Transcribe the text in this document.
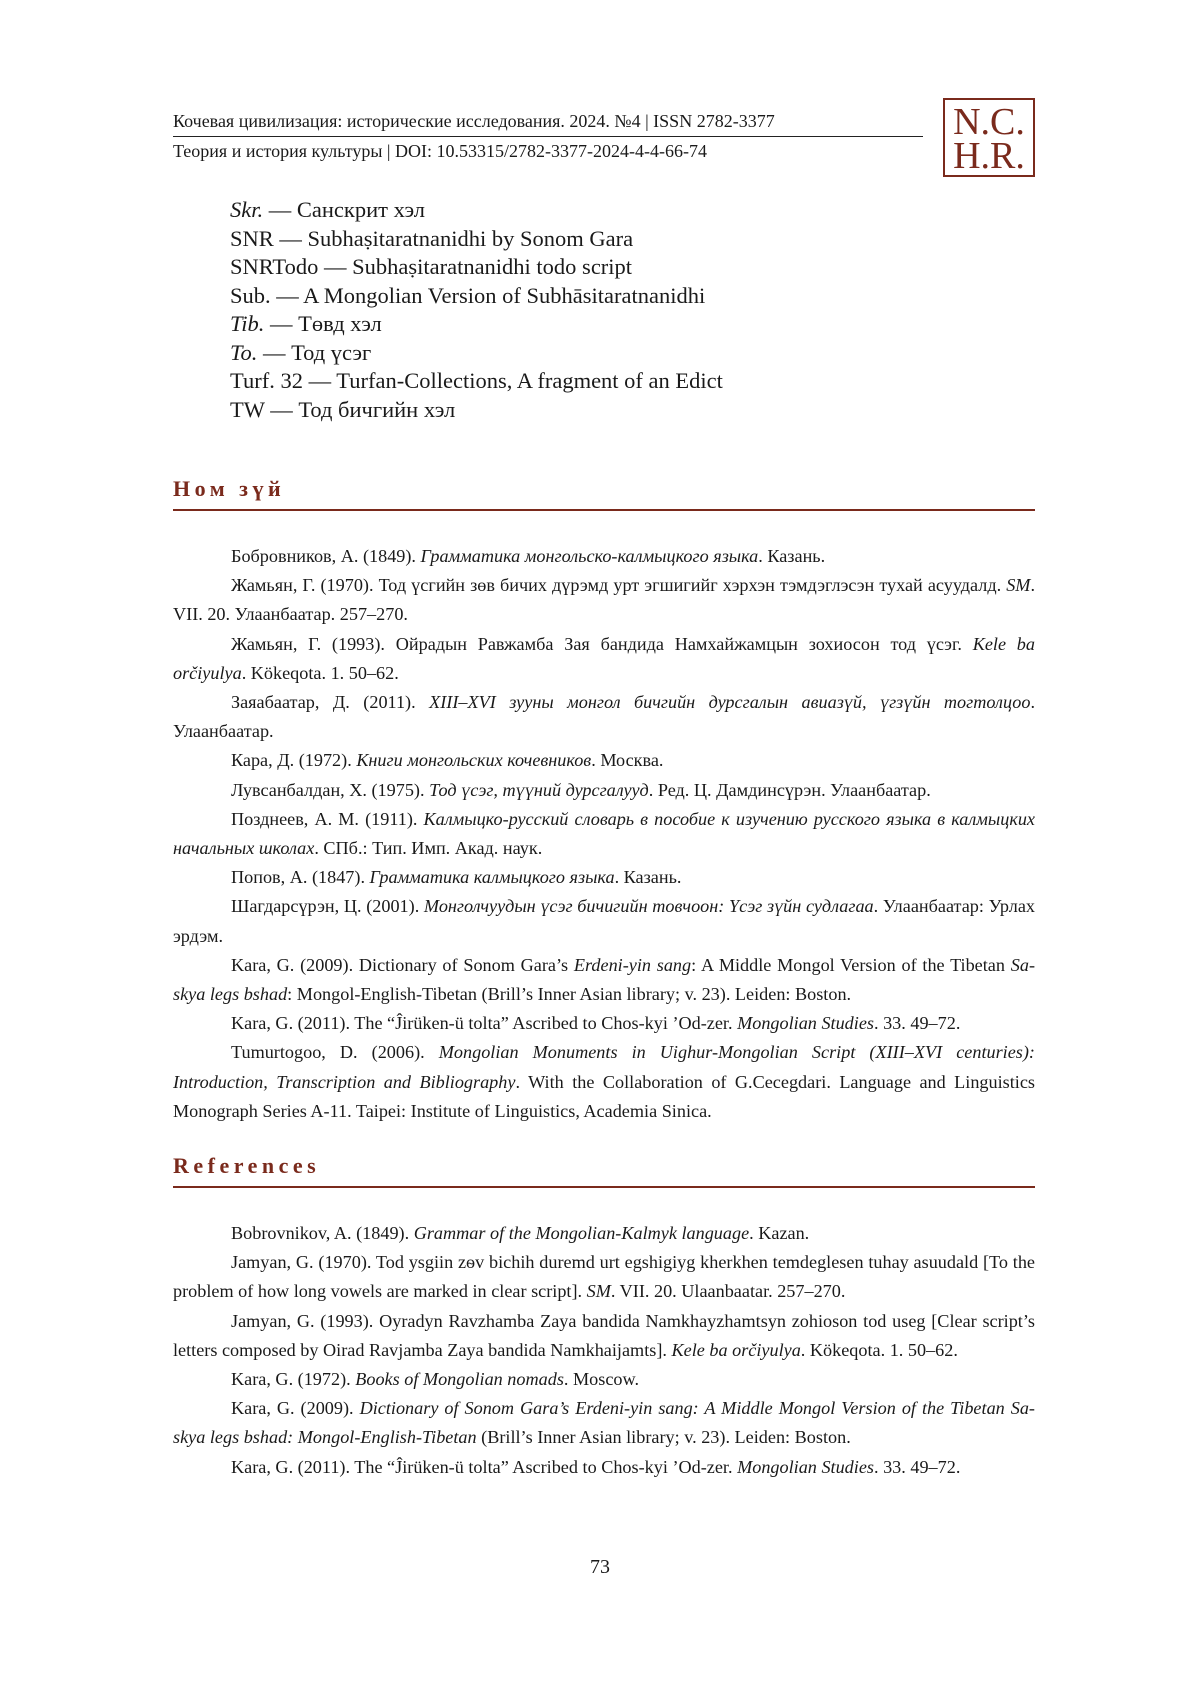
Кочевая цивилизация: исторические исследования. 2024. №4 | ISSN 2782-3377
Теория и история культуры | DOI: 10.53315/2782-3377-2024-4-4-66-74
N.C.
H.R.
Skr. — Санскрит хэл
SNR — Subhaṣitaratnanidhi by Sonom Gara
SNRTodo — Subhaṣitaratnanidhi todo script
Sub. — A Mongolian Version of Subhāsitaratnanidhi
Tib. — Төвд хэл
To. — Тод үсэг
Turf. 32 — Turfan-Collections, A fragment of an Edict
TW — Тод бичгийн хэл
Ном зүй

Бобровников, А. (1849). Грамматика монгольско-калмыцкого языка. Казань.

Жамьян, Г. (1970). Тод үсгийн зөв бичих дүрэмд урт эгшигийг хэрхэн тэмдэглэсэн тухай асуудалд. SM. VII. 20. Улаанбаатар. 257–270.

Жамьян, Г. (1993). Ойрадын Равжамба Зая бандида Намхайжамцын зохиосон тод үсэг. Kele ba orčiyulya. Kökeqota. 1. 50–62.

Заяабаатар, Д. (2011). XIII–XVI зууны монгол бичгийн дурсгалын авиазүй, үгзүйн тогтолцоо. Улаанбаатар.

Кара, Д. (1972). Книги монгольских кочевников. Москва.

Лувсанбалдан, Х. (1975). Тод үсэг, түүний дурсгалууд. Ред. Ц. Дамдинсүрэн. Улаанбаатар.

Позднеев, А. М. (1911). Калмыцко-русский словарь в пособие к изучению русского языка в калмыцких начальных школах. СПб.: Тип. Имп. Акад. наук.

Попов, А. (1847). Грамматика калмыцкого языка. Казань.

Шагдарсүрэн, Ц. (2001). Монголчуудын үсэг бичигийн товчоон: Үсэг зүйн судлагаа. Улаанбаатар: Урлах эрдэм.

Kara, G. (2009). Dictionary of Sonom Gara’s Erdeni-yin sang: A Middle Mongol Version of the Tibetan Sa-skya legs bshad: Mongol-English-Tibetan (Brill’s Inner Asian library; v. 23). Leiden: Boston.

Kara, G. (2011). The “Ĵirüken-ü tolta” Ascribed to Chos-kyi ’Od-zer. Mongolian Studies. 33. 49–72.

Tumurtogoo, D. (2006). Mongolian Monuments in Uighur-Mongolian Script (XIII–XVI centuries): Introduction, Transcription and Bibliography. With the Collaboration of G.Cecegdari. Language and Linguistics Monograph Series A-11. Taipei: Institute of Linguistics, Academia Sinica.

References

Bobrovnikov, A. (1849). Grammar of the Mongolian-Kalmyk language. Kazan.

Jamyan, G. (1970). Tod ysgiin zѳv bichih duremd urt egshigiyg kherkhen temdeglesen tuhay asuudald [To the problem of how long vowels are marked in clear script]. SM. VII. 20. Ulaanbaatar. 257–270.

Jamyan, G. (1993). Oyradyn Ravzhamba Zaya bandida Namkhayzhamtsyn zohioson tod useg [Clear script’s letters composed by Oirad Ravjamba Zaya bandida Namkhaijamts]. Kele ba orčiyulya. Kökeqota. 1. 50–62.

Kara, G. (1972). Books of Mongolian nomads. Moscow.

Kara, G. (2009). Dictionary of Sonom Gara’s Erdeni-yin sang: A Middle Mongol Version of the Tibetan Sa-skya legs bshad: Mongol-English-Tibetan (Brill’s Inner Asian library; v. 23). Leiden: Boston.

Kara, G. (2011). The “Ĵirüken-ü tolta” Ascribed to Chos-kyi ’Od-zer. Mongolian Studies. 33. 49–72.

73
